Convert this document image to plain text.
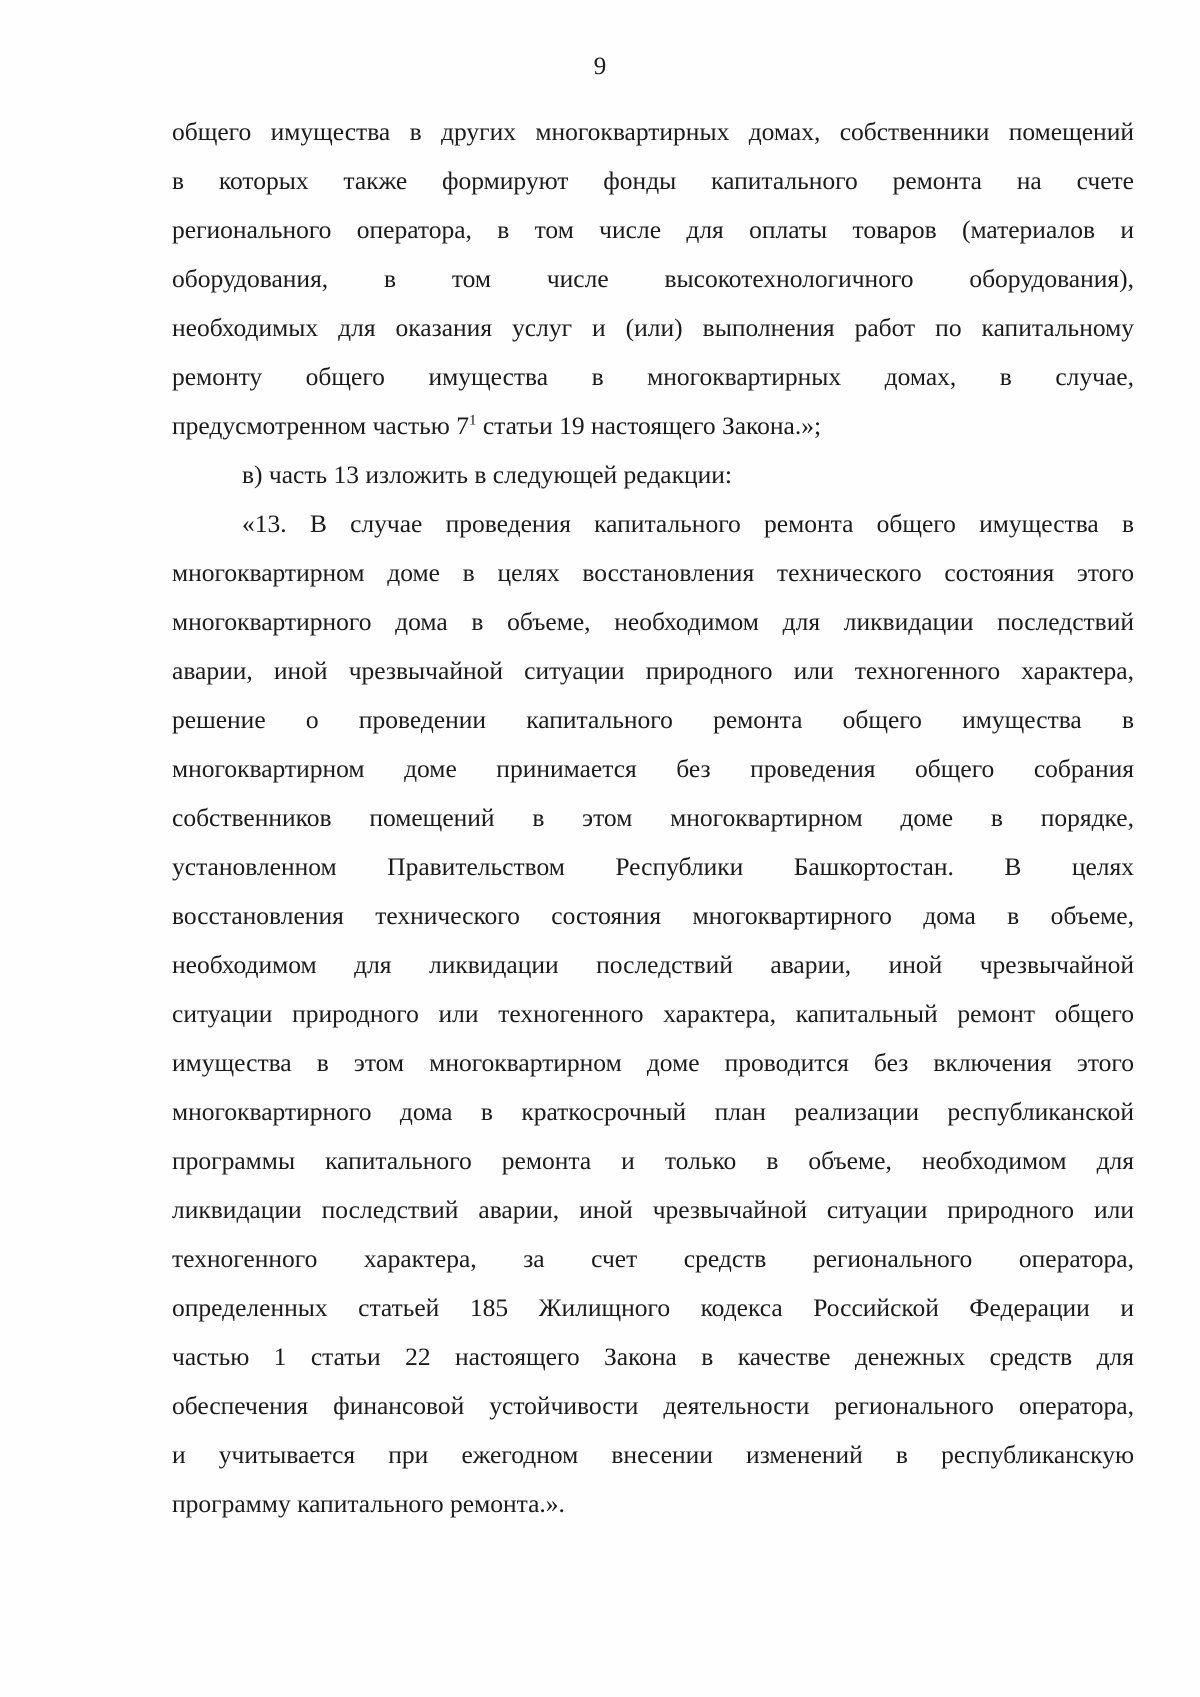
9
общего имущества в других многоквартирных домах, собственники помещений
в которых также формируют фонды капитального ремонта на счете
регионального оператора, в том числе для оплаты товаров (материалов и
оборудования, в том числе высокотехнологичного оборудования),
необходимых для оказания услуг и (или) выполнения работ по капитальному
ремонту общего имущества в многоквартирных домах, в случае,
предусмотренном частью $7^1$ статьи 19 настоящего Закона.»;
в) часть 13 изложить в следующей редакции:
«13. В случае проведения капитального ремонта общего имущества в
многоквартирном доме в целях восстановления технического состояния этого
многоквартирного дома в объеме, необходимом для ликвидации последствий
аварии, иной чрезвычайной ситуации природного или техногенного характера,
решение о проведении капитального ремонта общего имущества в
многоквартирном доме принимается без проведения общего собрания
собственников помещений в этом многоквартирном доме в порядке,
установленном Правительством Республики Башкортостан. В целях
восстановления технического состояния многоквартирного дома в объеме,
необходимом для ликвидации последствий аварии, иной чрезвычайной
ситуации природного или техногенного характера, капитальный ремонт общего
имущества в этом многоквартирном доме проводится без включения этого
многоквартирного дома в краткосрочный план реализации республиканской
программы капитального ремонта и только в объеме, необходимом для
ликвидации последствий аварии, иной чрезвычайной ситуации природного или
техногенного характера, за счет средств регионального оператора,
определенных статьей 185 Жилищного кодекса Российской Федерации и
частью 1 статьи 22 настоящего Закона в качестве денежных средств для
обеспечения финансовой устойчивости деятельности регионального оператора,
и учитывается при ежегодном внесении изменений в республиканскую
программу капитального ремонта.».
